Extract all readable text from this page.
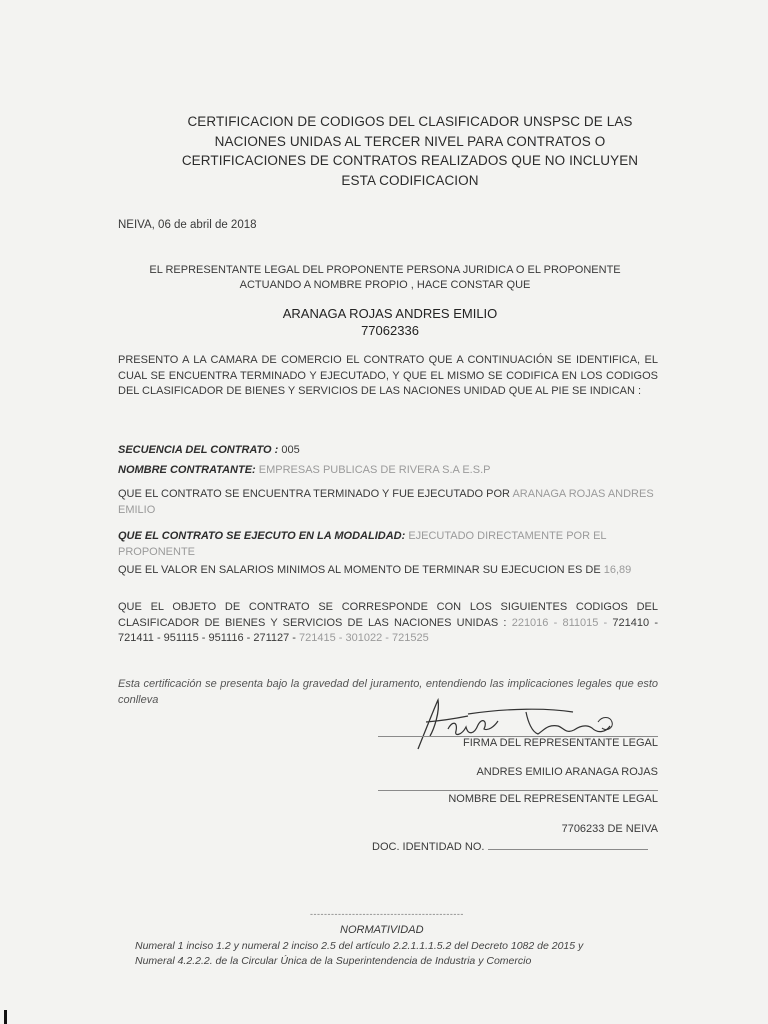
CERTIFICACION DE CODIGOS DEL CLASIFICADOR UNSPSC DE LAS
NACIONES UNIDAS AL TERCER NIVEL PARA CONTRATOS O
CERTIFICACIONES DE CONTRATOS REALIZADOS QUE NO INCLUYEN
ESTA CODIFICACION
NEIVA, 06 de abril de 2018
EL REPRESENTANTE LEGAL DEL PROPONENTE PERSONA JURIDICA O EL PROPONENTE
ACTUANDO A NOMBRE PROPIO , HACE CONSTAR QUE
ARANAGA ROJAS ANDRES EMILIO
77062336
PRESENTO A LA CAMARA DE COMERCIO EL CONTRATO QUE A CONTINUACIÓN SE IDENTIFICA, EL CUAL SE ENCUENTRA TERMINADO Y EJECUTADO, Y QUE EL MISMO SE CODIFICA EN LOS CODIGOS DEL CLASIFICADOR DE BIENES Y SERVICIOS DE LAS NACIONES UNIDAD QUE AL PIE SE INDICAN :
SECUENCIA DEL CONTRATO : 005
NOMBRE CONTRATANTE: EMPRESAS PUBLICAS DE RIVERA S.A E.S.P
QUE EL CONTRATO SE ENCUENTRA TERMINADO Y FUE EJECUTADO POR ARANAGA ROJAS ANDRES EMILIO
QUE EL CONTRATO SE EJECUTO EN LA MODALIDAD: EJECUTADO DIRECTAMENTE POR EL PROPONENTE
QUE EL VALOR EN SALARIOS MINIMOS AL MOMENTO DE TERMINAR SU EJECUCION ES DE 16,89
QUE EL OBJETO DE CONTRATO SE CORRESPONDE CON LOS SIGUIENTES CODIGOS DEL CLASIFICADOR DE BIENES Y SERVICIOS DE LAS NACIONES UNIDAS : 221016 - 811015 - 721410 - 721411 - 951115 - 951116 - 271127 - 721415 - 301022 - 721525
Esta certificación se presenta bajo la gravedad del juramento, entendiendo las implicaciones legales que esto conlleva
FIRMA DEL REPRESENTANTE LEGAL
ANDRES EMILIO ARANAGA ROJAS
NOMBRE DEL REPRESENTANTE LEGAL
7706233 DE NEIVA
DOC. IDENTIDAD NO.
--------------------------------------------
NORMATIVIDAD
Numeral 1 inciso 1.2 y numeral 2 inciso 2.5 del artículo 2.2.1.1.1.5.2 del Decreto 1082 de 2015 y
Numeral 4.2.2.2. de la Circular Única de la Superintendencia de Industria y Comercio
